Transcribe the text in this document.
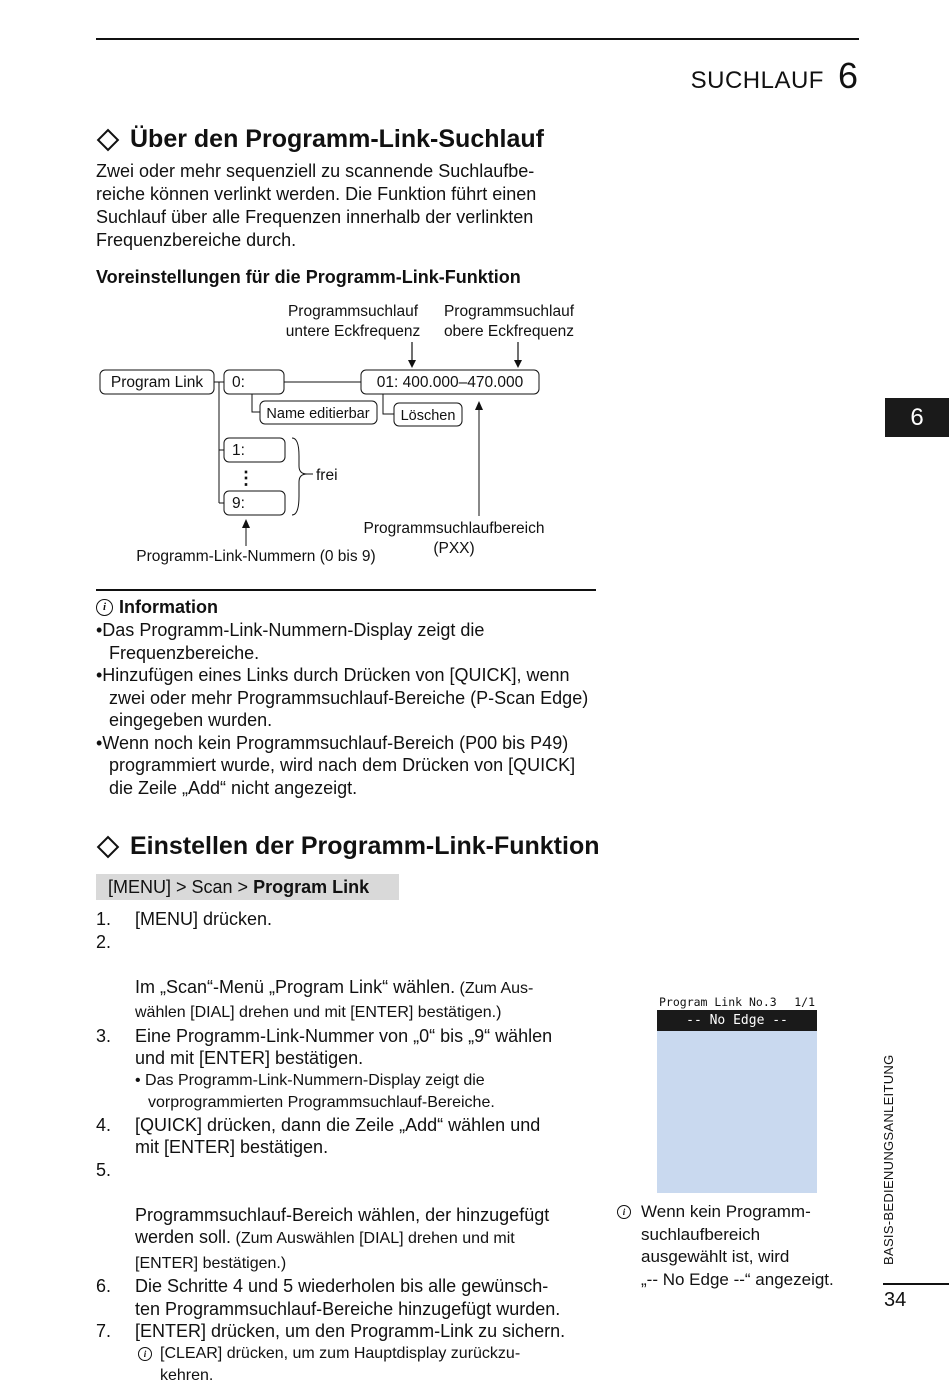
SUCHLAUF 6
Über den Programm-Link-Suchlauf

Zwei oder mehr sequenziell zu scannende Suchlaufbe-
reiche können verlinkt werden. Die Funktion führt einen
Suchlauf über alle Frequenzen innerhalb der verlinkten
Frequenzbereiche durch.

Voreinstellungen für die Programm-Link-Funktion
Programmsuchlauf
untere Eckfrequenz
Programmsuchlauf
obere Eckfrequenz
Program Link 0:	01: 400.000–470.000
Name editierbar Löschen
1:
⋮	frei
9:
Programmsuchlaufbereich
(PXX)
Programm-Link-Nummern (0 bis 9)
i Information
•Das Programm-Link-Nummern-Display zeigt die Frequenzbereiche.
•Hinzufügen eines Links durch Drücken von [QUICK], wenn zwei oder mehr Programmsuchlauf-Bereiche (P-Scan Edge) eingegeben wurden.
•Wenn noch kein Programmsuchlauf-Bereich (P00 bis P49) programmiert wurde, wird nach dem Drücken von [QUICK] die Zeile „Add“ nicht angezeigt.
Einstellen der Programm-Link-Funktion
[MENU] > Scan > Program Link
1. [MENU] drücken.

2.

Im „Scan“-Menü „Program Link“ wählen. (Zum Aus-
wählen [DIAL] drehen und mit [ENTER] bestätigen.)

3. Eine Programm-Link-Nummer von „0“ bis „9“ wählen
und mit [ENTER] bestätigen.
• Das Programm-Link-Nummern-Display zeigt die
vorprogrammierten Programmsuchlauf-Bereiche.
4. [QUICK] drücken, dann die Zeile „Add“ wählen und
mit [ENTER] bestätigen.

5.

Programmsuchlauf-Bereich wählen, der hinzugefügt
werden soll. (Zum Auswählen [DIAL] drehen und mit
[ENTER] bestätigen.)

6. Die Schritte 4 und 5 wiederholen bis alle gewünsch-
ten Programmsuchlauf-Bereiche hinzugefügt wurden.
7. [ENTER] drücken, um den Programm-Link zu sichern.
i [CLEAR] drücken, um zum Hauptdisplay zurückzu-
kehren.
Program Link No.3 1/1
-- No Edge --
i Wenn kein Programm-
suchlaufbereich
ausgewählt ist, wird
„-- No Edge --“ angezeigt.
6
BASIS-BEDIENUNGSANLEITUNG
34
